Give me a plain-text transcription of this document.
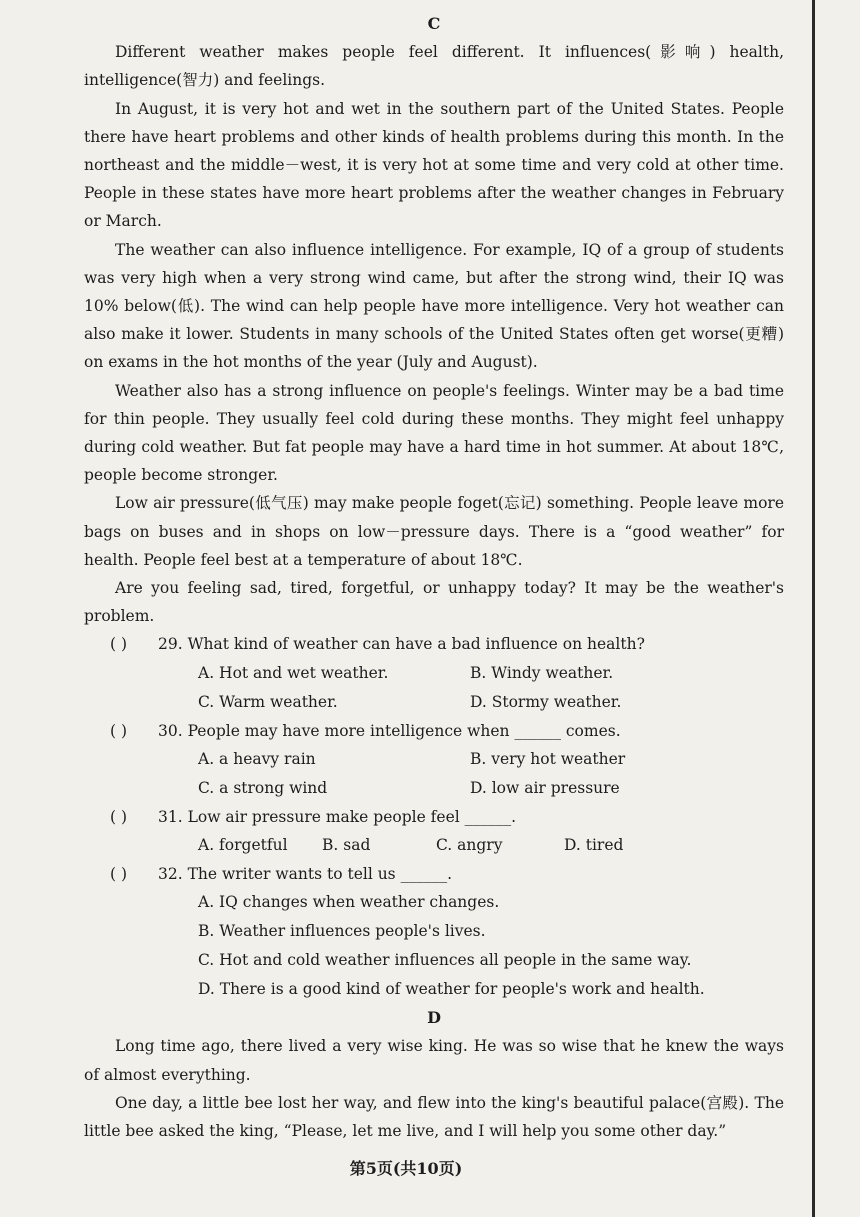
C

Different weather makes people feel different. It influences(影响) health, intelligence(智力) and feelings.

In August, it is very hot and wet in the southern part of the United States. People there have heart problems and other kinds of health problems during this month. In the northeast and the middle－west, it is very hot at some time and very cold at other time. People in these states have more heart problems after the weather changes in February or March.

The weather can also influence intelligence. For example, IQ of a group of students was very high when a very strong wind came, but after the strong wind, their IQ was 10% below(低). The wind can help people have more intelligence. Very hot weather can also make it lower. Students in many schools of the United States often get worse(更糟) on exams in the hot months of the year (July and August).

Weather also has a strong influence on people's feelings. Winter may be a bad time for thin people. They usually feel cold during these months. They might feel unhappy during cold weather. But fat people may have a hard time in hot summer. At about 18℃, people become stronger.

Low air pressure(低气压) may make people foget(忘记) something. People leave more bags on buses and in shops on low－pressure days. There is a “good weather” for health. People feel best at a temperature of about 18℃.

Are you feeling sad, tired, forgetful, or unhappy today? It may be the weather's problem.

( ) 29. What kind of weather can have a bad influence on health?

A. Hot and wet weather.	B. Windy weather.
C. Warm weather.	D. Stormy weather.

( ) 30. People may have more intelligence when ______ comes.

A. a heavy rain	B. very hot weather
C. a strong wind	D. low air pressure

( ) 31. Low air pressure make people feel ______.

A. forgetful	B. sad	C. angry	D. tired

( ) 32. The writer wants to tell us ______.

A. IQ changes when weather changes.
B. Weather influences people's lives.
C. Hot and cold weather influences all people in the same way.
D. There is a good kind of weather for people's work and health.

D

Long time ago, there lived a very wise king. He was so wise that he knew the ways of almost everything.

One day, a little bee lost her way, and flew into the king's beautiful palace(宫殿). The little bee asked the king, “Please, let me live, and I will help you some other day.”

第5页(共10页)
